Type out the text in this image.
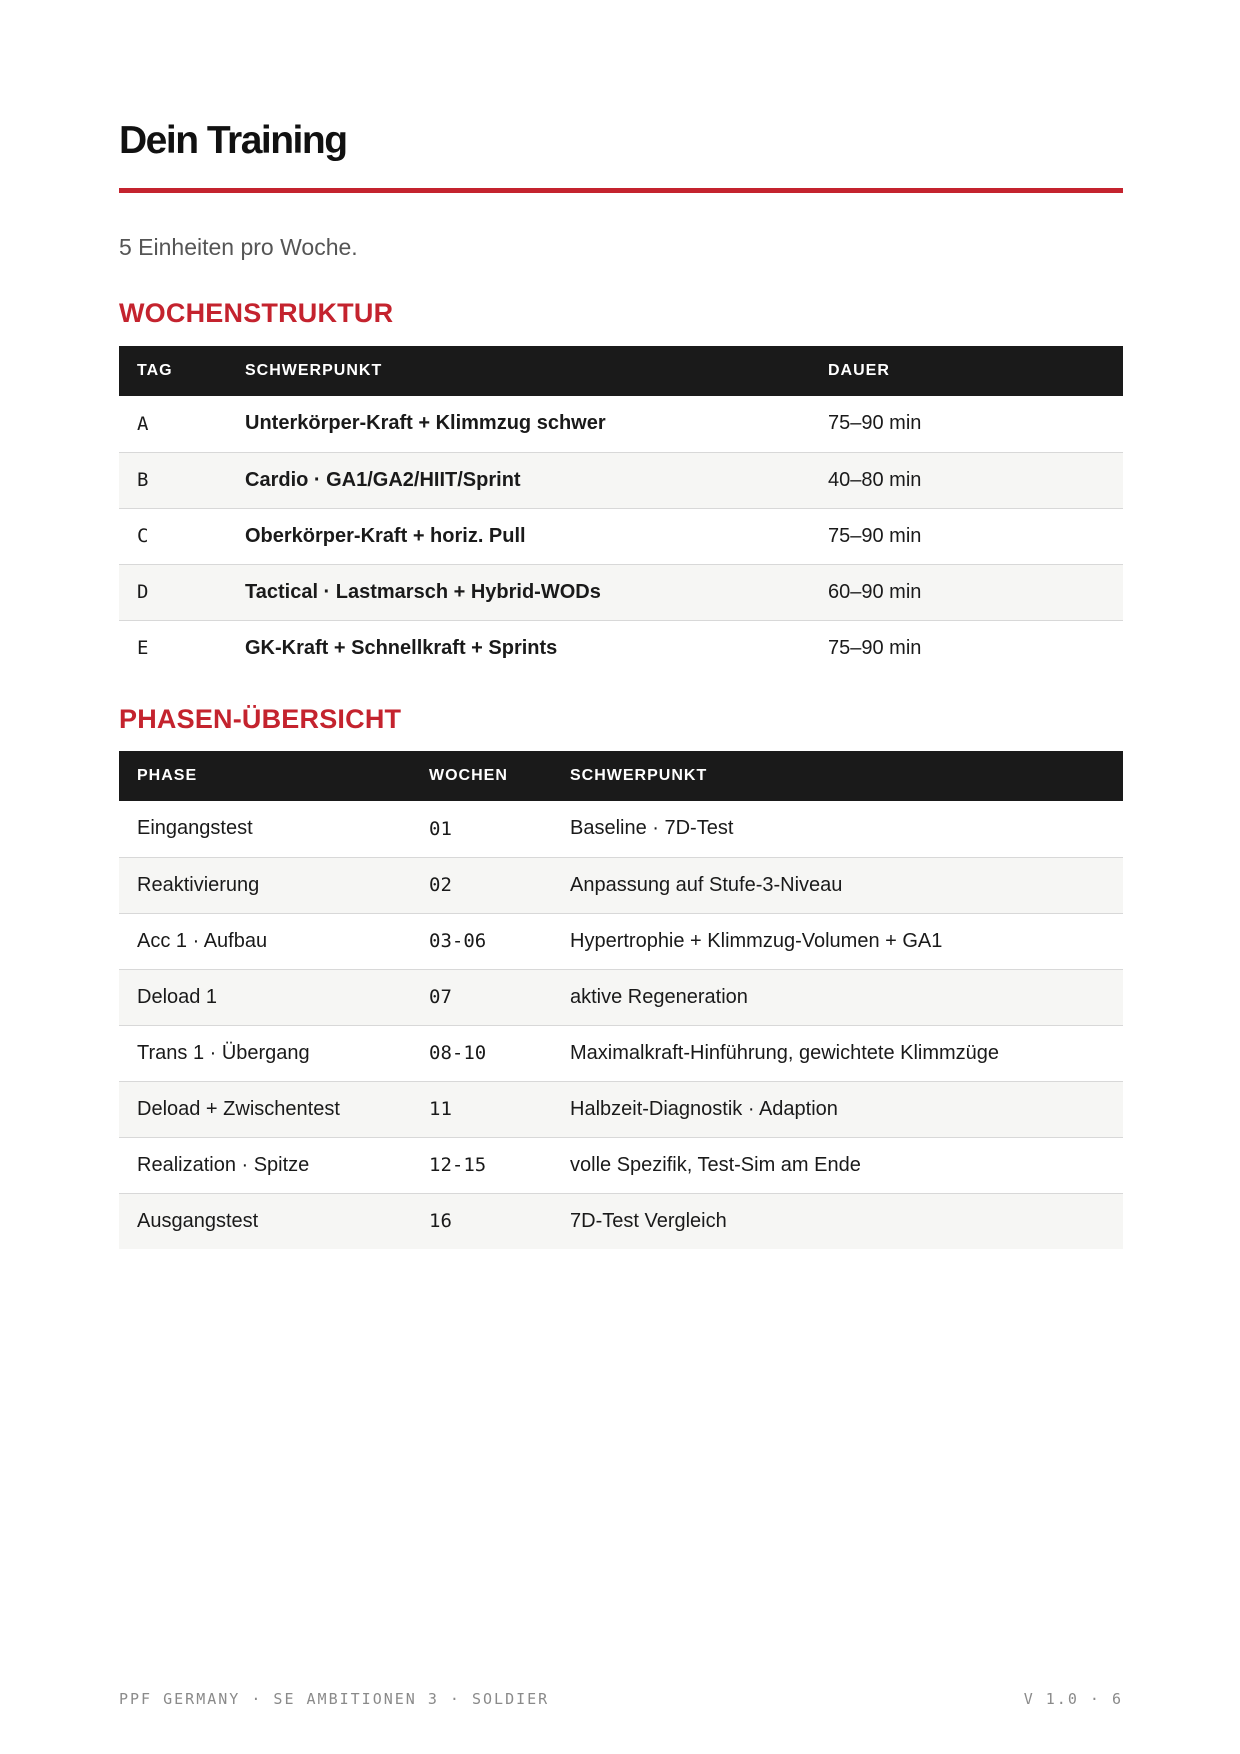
Dein Training
5 Einheiten pro Woche.
WOCHENSTRUKTUR
TAG	SCHWERPUNKT	DAUER
A	Unterkörper-Kraft + Klimmzug schwer	75–90 min
B	Cardio · GA1/GA2/HIIT/Sprint	40–80 min
C	Oberkörper-Kraft + horiz. Pull	75–90 min
D	Tactical · Lastmarsch + Hybrid-WODs	60–90 min
E	GK-Kraft + Schnellkraft + Sprints	75–90 min
PHASEN-ÜBERSICHT
PHASE	WOCHEN	SCHWERPUNKT
Eingangstest	01	Baseline · 7D-Test
Reaktivierung	02	Anpassung auf Stufe-3-Niveau
Acc 1 · Aufbau	03-06	Hypertrophie + Klimmzug-Volumen + GA1
Deload 1	07	aktive Regeneration
Trans 1 · Übergang	08-10	Maximalkraft-Hinführung, gewichtete Klimmzüge
Deload + Zwischentest	11	Halbzeit-Diagnostik · Adaption
Realization · Spitze	12-15	volle Spezifik, Test-Sim am Ende
Ausgangstest	16	7D-Test Vergleich
PPF GERMANY · SE AMBITIONEN 3 · SOLDIER	V 1.0 · 6
